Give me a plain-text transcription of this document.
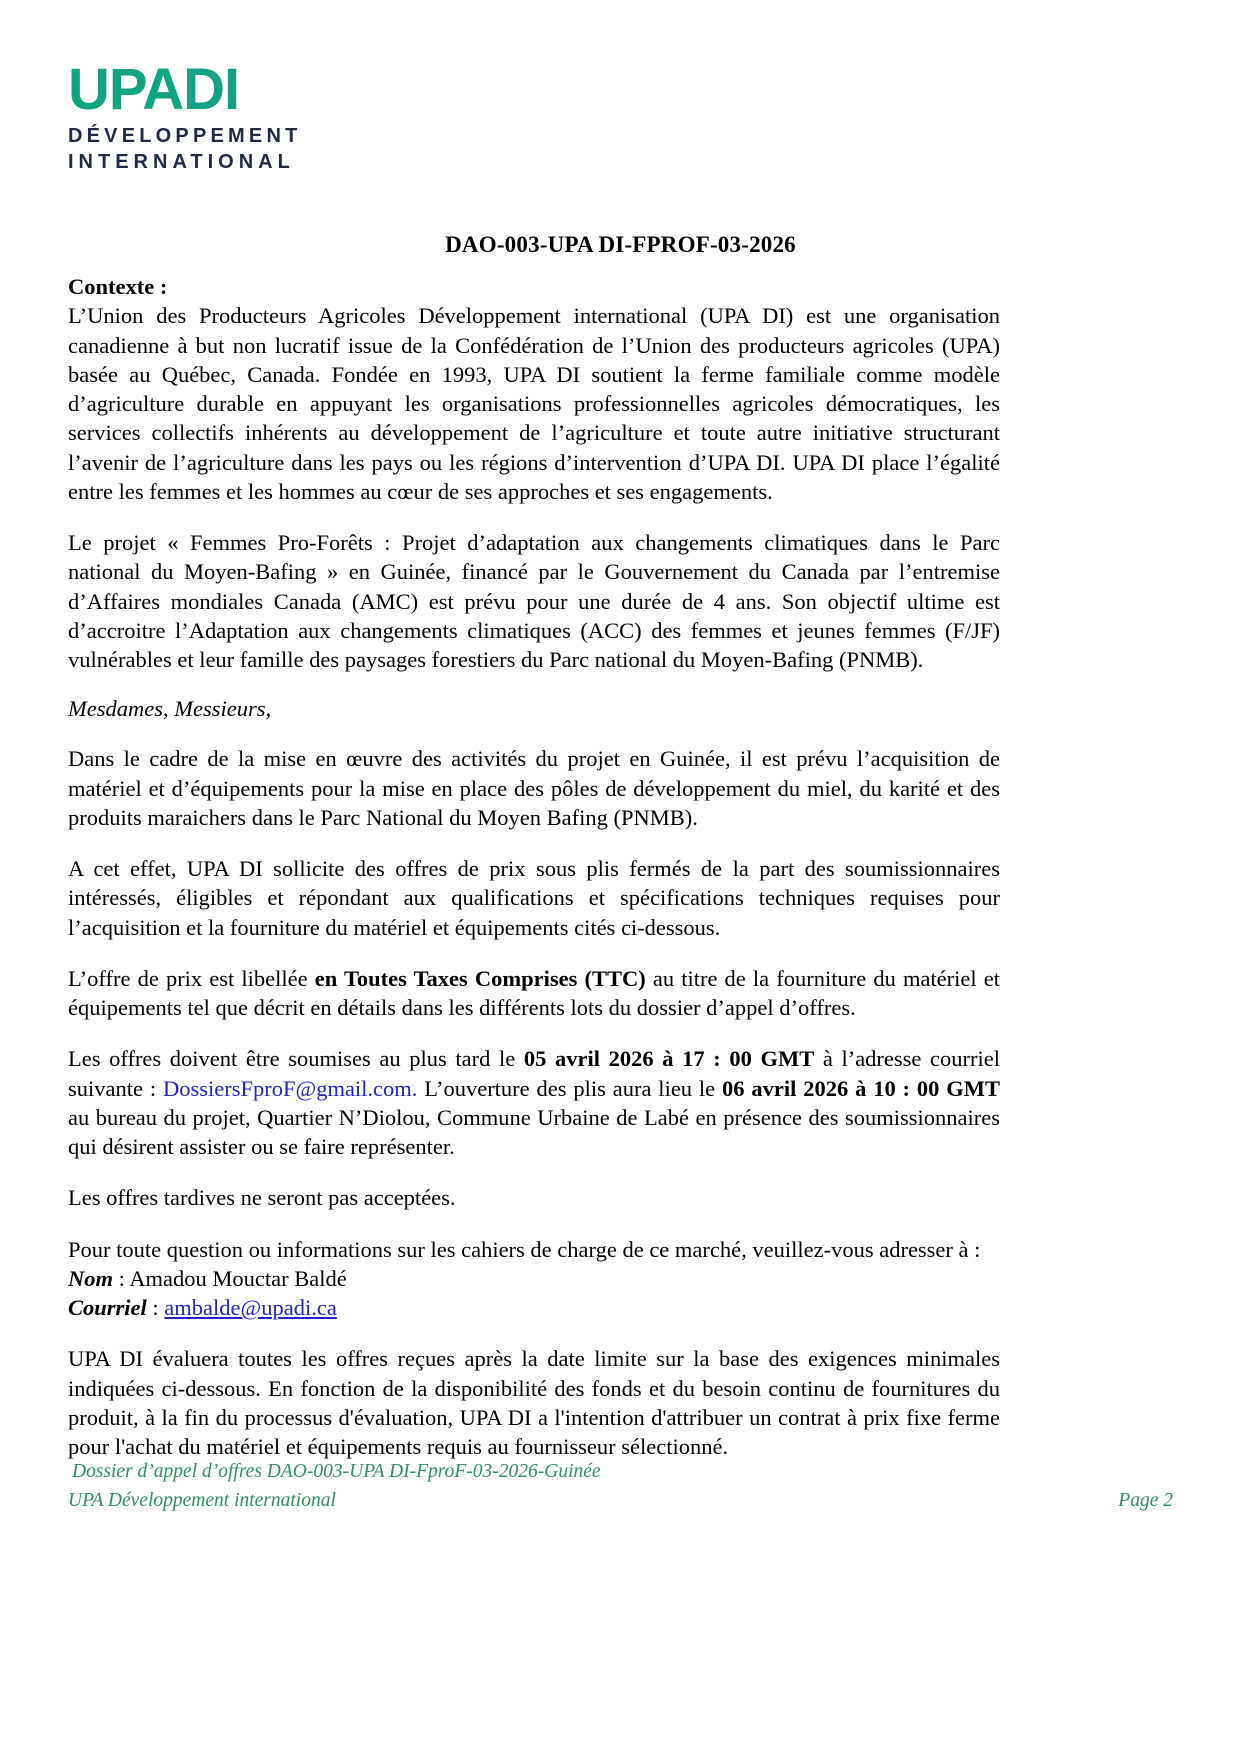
UPADI
DÉVELOPPEMENT
INTERNATIONAL
DAO-003-UPA DI-FPROF-03-2026

Contexte :
L’Union des Producteurs Agricoles Développement international (UPA DI) est une organisation canadienne à but non lucratif issue de la Confédération de l’Union des producteurs agricoles (UPA) basée au Québec, Canada. Fondée en 1993, UPA DI soutient la ferme familiale comme modèle d’agriculture durable en appuyant les organisations professionnelles agricoles démocratiques, les services collectifs inhérents au développement de l’agriculture et toute autre initiative structurant l’avenir de l’agriculture dans les pays ou les régions d’intervention d’UPA DI. UPA DI place l’égalité entre les femmes et les hommes au cœur de ses approches et ses engagements.

Le projet « Femmes Pro-Forêts : Projet d’adaptation aux changements climatiques dans le Parc national du Moyen-Bafing » en Guinée, financé par le Gouvernement du Canada par l’entremise d’Affaires mondiales Canada (AMC) est prévu pour une durée de 4 ans. Son objectif ultime est d’accroitre l’Adaptation aux changements climatiques (ACC) des femmes et jeunes femmes (F/JF) vulnérables et leur famille des paysages forestiers du Parc national du Moyen-Bafing (PNMB).

Mesdames, Messieurs,

Dans le cadre de la mise en œuvre des activités du projet en Guinée, il est prévu l’acquisition de matériel et d’équipements pour la mise en place des pôles de développement du miel, du karité et des produits maraichers dans le Parc National du Moyen Bafing (PNMB).

A cet effet, UPA DI sollicite des offres de prix sous plis fermés de la part des soumissionnaires intéressés, éligibles et répondant aux qualifications et spécifications techniques requises pour l’acquisition et la fourniture du matériel et équipements cités ci-dessous.

L’offre de prix est libellée en Toutes Taxes Comprises (TTC) au titre de la fourniture du matériel et équipements tel que décrit en détails dans les différents lots du dossier d’appel d’offres.

Les offres doivent être soumises au plus tard le 05 avril 2026 à 17 : 00 GMT à l’adresse courriel suivante : DossiersFproF@gmail.com. L’ouverture des plis aura lieu le 06 avril 2026 à 10 : 00 GMT au bureau du projet, Quartier N’Diolou, Commune Urbaine de Labé en présence des soumissionnaires qui désirent assister ou se faire représenter.

Les offres tardives ne seront pas acceptées.

Pour toute question ou informations sur les cahiers de charge de ce marché, veuillez-vous adresser à :
Nom : Amadou Mouctar Baldé
Courriel : ambalde@upadi.ca

UPA DI évaluera toutes les offres reçues après la date limite sur la base des exigences minimales indiquées ci-dessous. En fonction de la disponibilité des fonds et du besoin continu de fournitures du produit, à la fin du processus d'évaluation, UPA DI a l'intention d'attribuer un contrat à prix fixe ferme pour l'achat du matériel et équipements requis au fournisseur sélectionné.

Dossier d’appel d’offres DAO-003-UPA DI-FproF-03-2026-Guinée
UPA Développement international	Page 2
